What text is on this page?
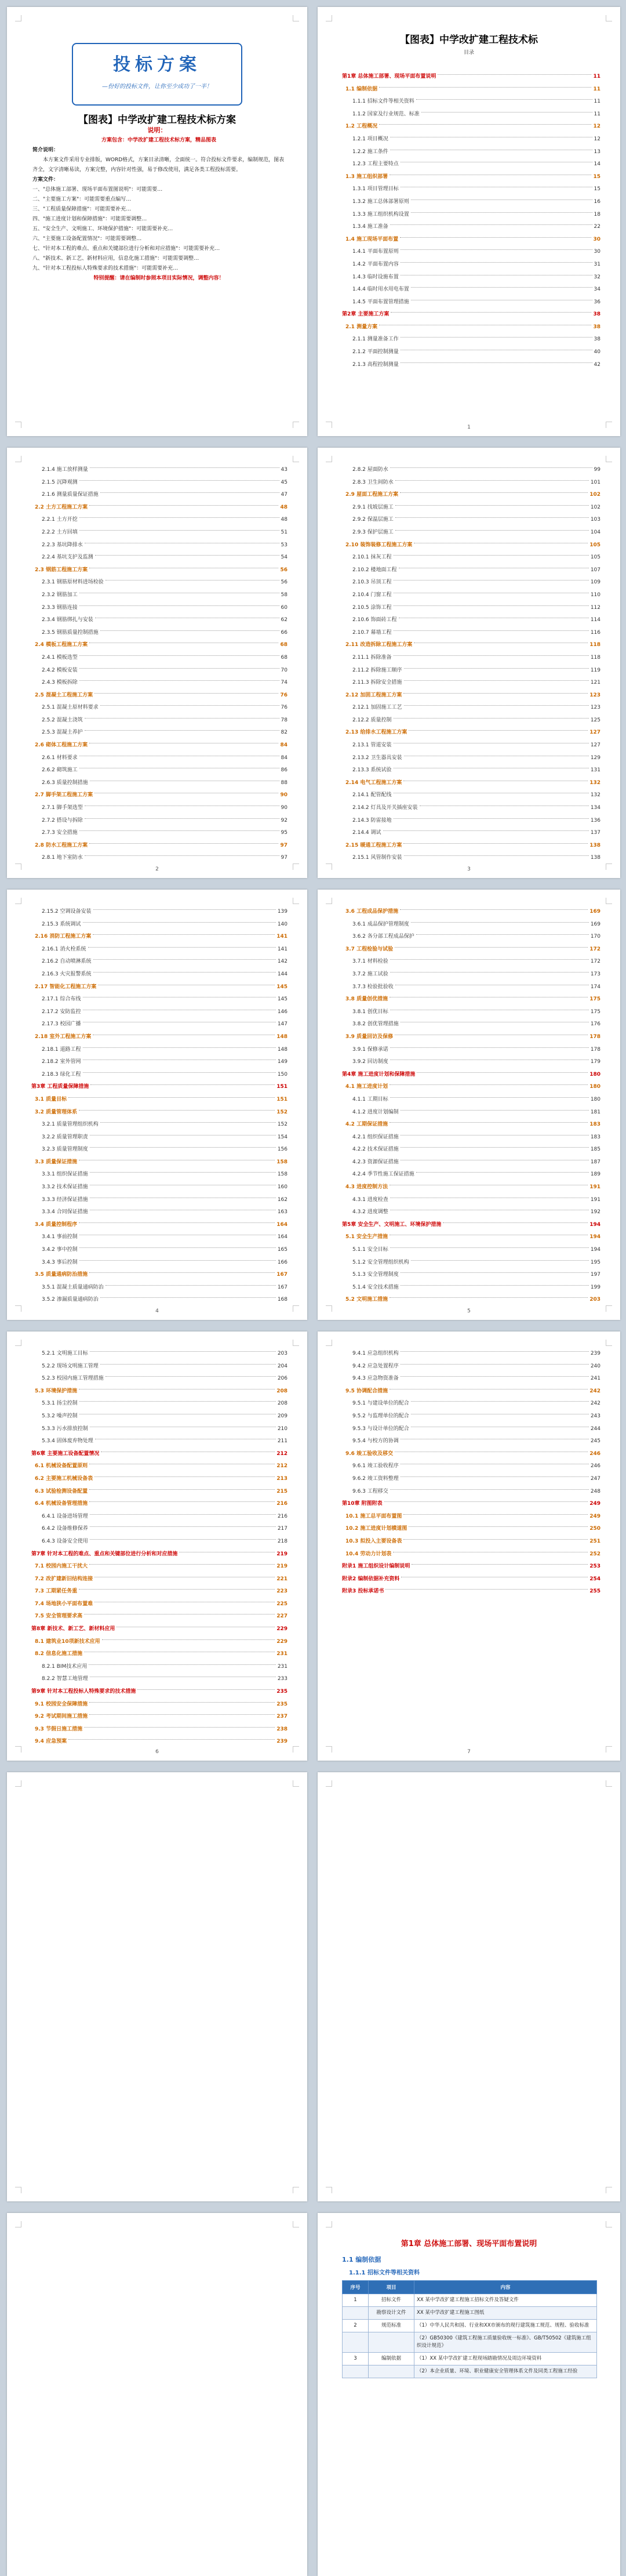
投标方案
—份好的投标文件，让你至少成功了一半！
【图表】中学改扩建工程技术标方案
说明：
方案包含：中学改扩建工程技术标方案，精品图表
简介说明：
本方案文件采用专业排版，WORD格式，方案目录清晰，全面统一。符合投标文件要求，编制规范，图表齐全，文字清晰易读，方案完整，内容针对性强，易于修改使用，满足各类工程投标需要。
方案文件：
一、"总体施工部署、现场平面布置图说明"：可能需要…
二、"主要施工方案"：可能需要重点编写…
三、"工程质量保障措施"：可能需要补充…
四、"施工进度计划和保障措施"：可能需要调整…
五、"安全生产、文明施工、环境保护措施"：可能需要补充…
六、"主要施工设备配置情况"：可能需要调整…
七、"针对本工程的难点、重点和关键部位进行分析和对应措施"：可能需要补充…
八、"新技术、新工艺、新材料应用，信息化施工措施"：可能需要调整…
九、"针对本工程投标人特殊要求的技术措施"：可能需要补充…
特别提醒：请在编制时参照本项目实际情况，调整内容！
【图表】中学改扩建工程技术标
目录
第1章 总体施工部署、现场平面布置说明	11
1.1 编制依据	11
1.1.1 招标文件等相关资料	11
1.1.2 国家及行业规范、标准	11
1.2 工程概况	12
1.2.1 项目概况	12
1.2.2 施工条件	13
1.2.3 工程主要特点	14
1.3 施工组织部署	15
1.3.1 项目管理目标	15
1.3.2 施工总体部署原则	16
1.3.3 施工组织机构设置	18
1.3.4 施工准备	22
1.4 施工现场平面布置	30
1.4.1 平面布置原则	30
1.4.2 平面布置内容	31
1.4.3 临时设施布置	32
1.4.4 临时用水用电布置	34
1.4.5 平面布置管理措施	36
第2章 主要施工方案	38
2.1 测量方案	38
2.1.1 测量准备工作	38
2.1.2 平面控制测量	40
2.1.3 高程控制测量	42
1
2.1.4 施工放样测量	43
2.1.5 沉降观测	45
2.1.6 测量质量保证措施	47
2.2 土方工程施工方案	48
2.2.1 土方开挖	48
2.2.2 土方回填	51
2.2.3 基坑降排水	53
2.2.4 基坑支护及监测	54
2.3 钢筋工程施工方案	56
2.3.1 钢筋原材料进场检验	56
2.3.2 钢筋加工	58
2.3.3 钢筋连接	60
2.3.4 钢筋绑扎与安装	62
2.3.5 钢筋质量控制措施	66
2.4 模板工程施工方案	68
2.4.1 模板选型	68
2.4.2 模板安装	70
2.4.3 模板拆除	74
2.5 混凝土工程施工方案	76
2.5.1 混凝土原材料要求	76
2.5.2 混凝土浇筑	78
2.5.3 混凝土养护	82
2.6 砌体工程施工方案	84
2.6.1 材料要求	84
2.6.2 砌筑施工	86
2.6.3 质量控制措施	88
2.7 脚手架工程施工方案	90
2.7.1 脚手架选型	90
2.7.2 搭设与拆除	92
2.7.3 安全措施	95
2.8 防水工程施工方案	97
2.8.1 地下室防水	97
2
2.8.2 屋面防水	99
2.8.3 卫生间防水	101
2.9 屋面工程施工方案	102
2.9.1 找坡层施工	102
2.9.2 保温层施工	103
2.9.3 保护层施工	104
2.10 装饰装修工程施工方案	105
2.10.1 抹灰工程	105
2.10.2 楼地面工程	107
2.10.3 吊顶工程	109
2.10.4 门窗工程	110
2.10.5 涂饰工程	112
2.10.6 饰面砖工程	114
2.10.7 幕墙工程	116
2.11 改造拆除工程施工方案	118
2.11.1 拆除准备	118
2.11.2 拆除施工顺序	119
2.11.3 拆除安全措施	121
2.12 加固工程施工方案	123
2.12.1 加固施工工艺	123
2.12.2 质量控制	125
2.13 给排水工程施工方案	127
2.13.1 管道安装	127
2.13.2 卫生器具安装	129
2.13.3 系统试验	131
2.14 电气工程施工方案	132
2.14.1 配管配线	132
2.14.2 灯具及开关插座安装	134
2.14.3 防雷接地	136
2.14.4 调试	137
2.15 暖通工程施工方案	138
2.15.1 风管制作安装	138
3
2.15.2 空调设备安装	139
2.15.3 系统调试	140
2.16 消防工程施工方案	141
2.16.1 消火栓系统	141
2.16.2 自动喷淋系统	142
2.16.3 火灾报警系统	144
2.17 智能化工程施工方案	145
2.17.1 综合布线	145
2.17.2 安防监控	146
2.17.3 校园广播	147
2.18 室外工程施工方案	148
2.18.1 道路工程	148
2.18.2 室外管网	149
2.18.3 绿化工程	150
第3章 工程质量保障措施	151
3.1 质量目标	151
3.2 质量管理体系	152
3.2.1 质量管理组织机构	152
3.2.2 质量管理职责	154
3.2.3 质量管理制度	156
3.3 质量保证措施	158
3.3.1 组织保证措施	158
3.3.2 技术保证措施	160
3.3.3 经济保证措施	162
3.3.4 合同保证措施	163
3.4 质量控制程序	164
3.4.1 事前控制	164
3.4.2 事中控制	165
3.4.3 事后控制	166
3.5 质量通病防治措施	167
3.5.1 混凝土质量通病防治	167
3.5.2 渗漏质量通病防治	168
4
3.6 工程成品保护措施	169
3.6.1 成品保护管理制度	169
3.6.2 各分部工程成品保护	170
3.7 工程检验与试验	172
3.7.1 材料检验	172
3.7.2 施工试验	173
3.7.3 检验批验收	174
3.8 质量创优措施	175
3.8.1 创优目标	175
3.8.2 创优管理措施	176
3.9 质量回访及保修	178
3.9.1 保修承诺	178
3.9.2 回访制度	179
第4章 施工进度计划和保障措施	180
4.1 施工进度计划	180
4.1.1 工期目标	180
4.1.2 进度计划编制	181
4.2 工期保证措施	183
4.2.1 组织保证措施	183
4.2.2 技术保证措施	185
4.2.3 资源保证措施	187
4.2.4 季节性施工保证措施	189
4.3 进度控制方法	191
4.3.1 进度检查	191
4.3.2 进度调整	192
第5章 安全生产、文明施工、环境保护措施	194
5.1 安全生产措施	194
5.1.1 安全目标	194
5.1.2 安全管理组织机构	195
5.1.3 安全管理制度	197
5.1.4 安全技术措施	199
5.2 文明施工措施	203
5
5.2.1 文明施工目标	203
5.2.2 现场文明施工管理	204
5.2.3 校园内施工管理措施	206
5.3 环境保护措施	208
5.3.1 扬尘控制	208
5.3.2 噪声控制	209
5.3.3 污水排放控制	210
5.3.4 固体废弃物处理	211
第6章 主要施工设备配置情况	212
6.1 机械设备配置原则	212
6.2 主要施工机械设备表	213
6.3 试验检测设备配置	215
6.4 机械设备管理措施	216
6.4.1 设备进场管理	216
6.4.2 设备维修保养	217
6.4.3 设备安全使用	218
第7章 针对本工程的难点、重点和关键部位进行分析和对应措施	219
7.1 校园内施工干扰大	219
7.2 改扩建新旧结构连接	221
7.3 工期紧任务重	223
7.4 场地狭小平面布置难	225
7.5 安全管理要求高	227
第8章 新技术、新工艺、新材料应用	229
8.1 建筑业10项新技术应用	229
8.2 信息化施工措施	231
8.2.1 BIM技术应用	231
8.2.2 智慧工地管理	233
第9章 针对本工程投标人特殊要求的技术措施	235
9.1 校园安全保障措施	235
9.2 考试期间施工措施	237
9.3 节假日施工措施	238
9.4 应急预案	239
6
9.4.1 应急组织机构	239
9.4.2 应急处置程序	240
9.4.3 应急物资准备	241
9.5 协调配合措施	242
9.5.1 与建设单位的配合	242
9.5.2 与监理单位的配合	243
9.5.3 与设计单位的配合	244
9.5.4 与校方的协调	245
9.6 竣工验收及移交	246
9.6.1 竣工验收程序	246
9.6.2 竣工资料整理	247
9.6.3 工程移交	248
第10章 附图附表	249
10.1 施工总平面布置图	249
10.2 施工进度计划横道图	250
10.3 拟投入主要设备表	251
10.4 劳动力计划表	252
附录1 施工组织设计编制说明	253
附录2 编制依据补充资料	254
附录3 投标承诺书	255
7
第1章 总体施工部署、现场平面布置说明
1.1 编制依据
1.1.1 招标文件等相关资料
序号	项目	内容
1	招标文件	XX 某中学改扩建工程施工招标文件及答疑文件
	勘察设计文件	XX 某中学改扩建工程施工图纸
2	规范标准	（1）中华人民共和国、行业和XX市颁布的现行建筑施工规范、规程、验收标准
		（2）GB50300《建筑工程施工质量验收统一标准》、GB/T50502《建筑施工组织设计规范》
3	编制依据	（1）XX 某中学改扩建工程现场踏勘情况及周边环境资料
		（2）本企业质量、环境、职业健康安全管理体系文件及同类工程施工经验
